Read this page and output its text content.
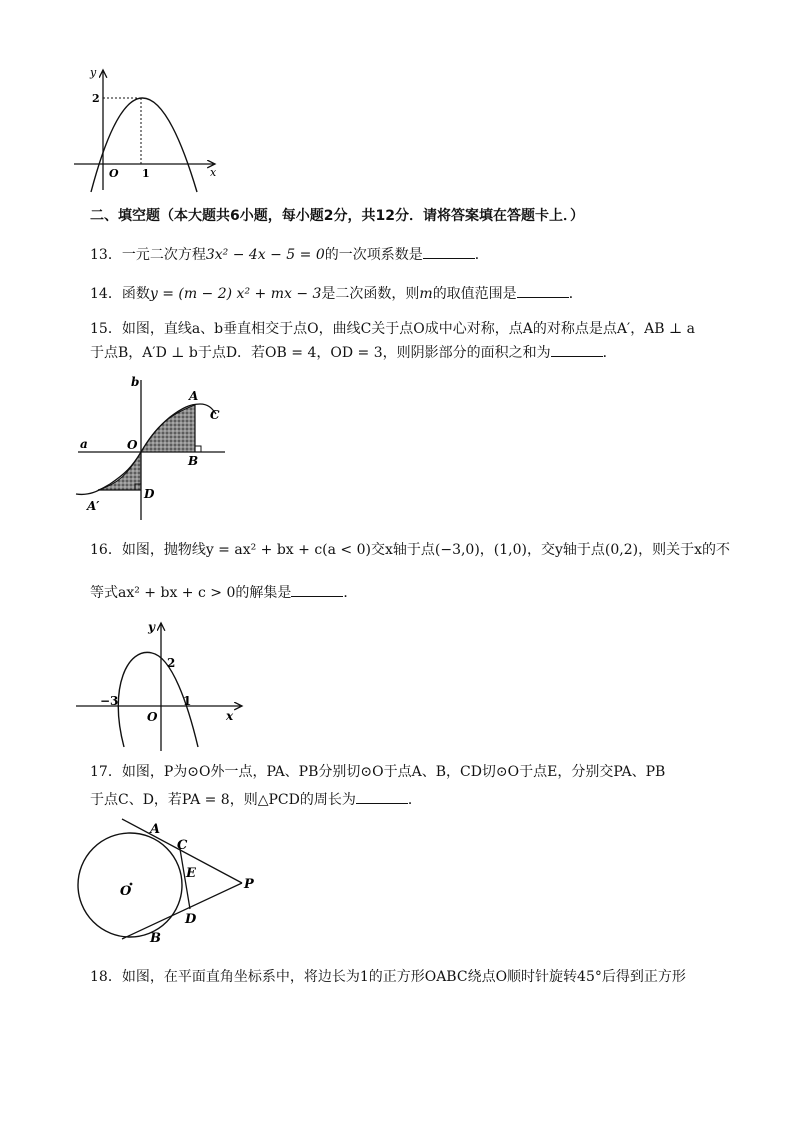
y
x
2
1
O
二、填空题（本大题共6小题，每小题2分，共12分．请将答案填在答题卡上．）
13．一元二次方程3x² − 4x − 5 = 0的一次项系数是	．
14．函数y = (m − 2) x² + mx − 3是二次函数，则m的取值范围是	．
15．如图，直线a、b垂直相交于点O，曲线C关于点O成中心对称，点A的对称点是点A′，AB ⊥ a
于点B，A′D ⊥ b于点D．若OB = 4，OD = 3，则阴影部分的面积之和为	．
b
a	O
A
C
B
D
A′
16．如图，抛物线y = ax² + bx + c(a < 0)交x轴于点(−3,0)，(1,0)，交y轴于点(0,2)，则关于x的不
等式ax² + bx + c > 0的解集是	．
y
x
2
−3	1
O
17．如图，P为⊙O外一点，PA、PB分别切⊙O于点A、B，CD切⊙O于点E，分别交PA、PB
于点C、D，若PA = 8，则△PCD的周长为	．
A
C
E
P
O
D
B
18．如图，在平面直角坐标系中，将边长为1的正方形OABC绕点O顺时针旋转45°后得到正方形
